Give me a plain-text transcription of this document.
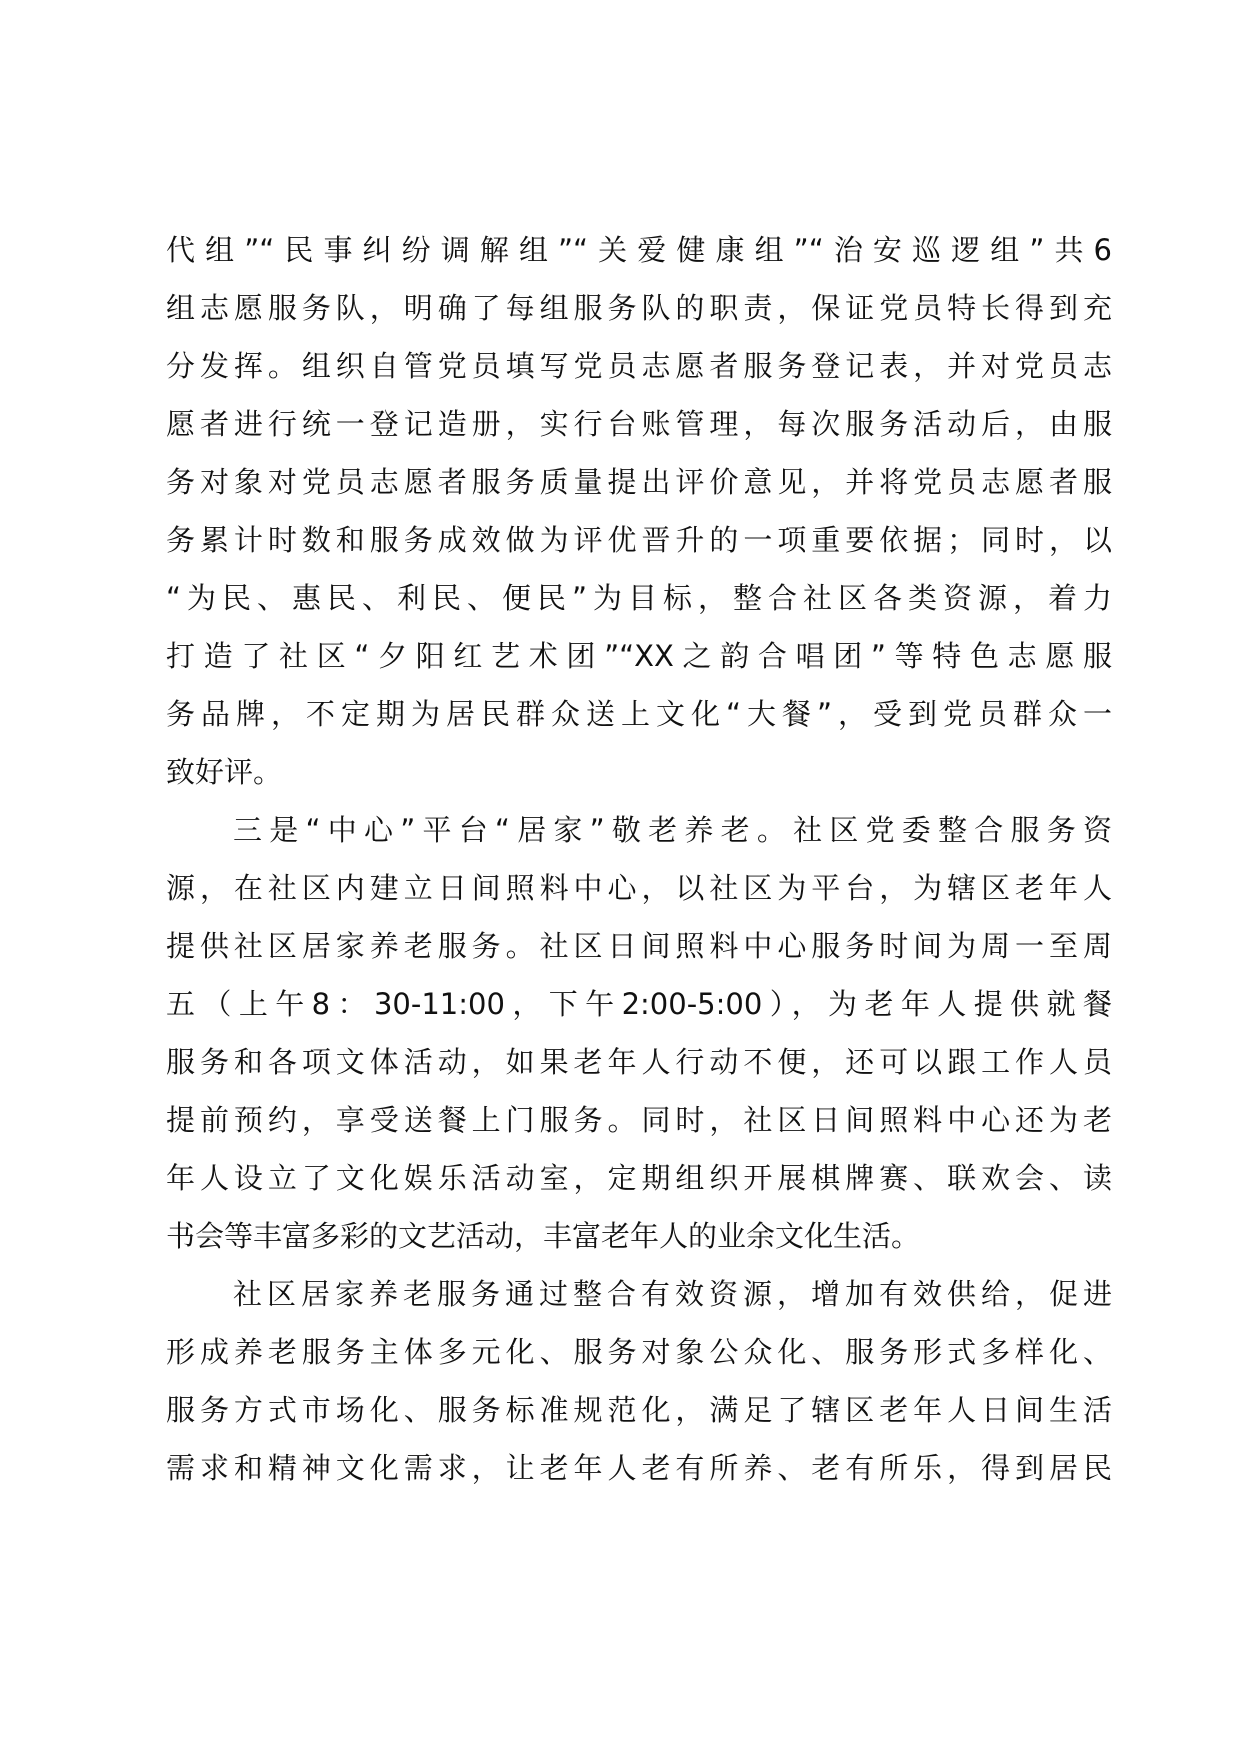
代组”“民事纠纷调解组”“关爱健康组”“治安巡逻组”共6
组志愿服务队，明确了每组服务队的职责，保证党员特长得到充
分发挥。组织自管党员填写党员志愿者服务登记表，并对党员志
愿者进行统一登记造册，实行台账管理，每次服务活动后，由服
务对象对党员志愿者服务质量提出评价意见，并将党员志愿者服
务累计时数和服务成效做为评优晋升的一项重要依据；同时，以
“为民、惠民、利民、便民”为目标，整合社区各类资源，着力
打造了社区“夕阳红艺术团”“XX之韵合唱团”等特色志愿服
务品牌，不定期为居民群众送上文化“大餐”，受到党员群众一
致好评。
三是“中心”平台“居家”敬老养老。社区党委整合服务资
源，在社区内建立日间照料中心，以社区为平台，为辖区老年人
提供社区居家养老服务。社区日间照料中心服务时间为周一至周
五（上午8：30-11:00，下午2:00-5:00），为老年人提供就餐
服务和各项文体活动，如果老年人行动不便，还可以跟工作人员
提前预约，享受送餐上门服务。同时，社区日间照料中心还为老
年人设立了文化娱乐活动室，定期组织开展棋牌赛、联欢会、读
书会等丰富多彩的文艺活动，丰富老年人的业余文化生活。
社区居家养老服务通过整合有效资源，增加有效供给，促进
形成养老服务主体多元化、服务对象公众化、服务形式多样化、
服务方式市场化、服务标准规范化，满足了辖区老年人日间生活
需求和精神文化需求，让老年人老有所养、老有所乐，得到居民
